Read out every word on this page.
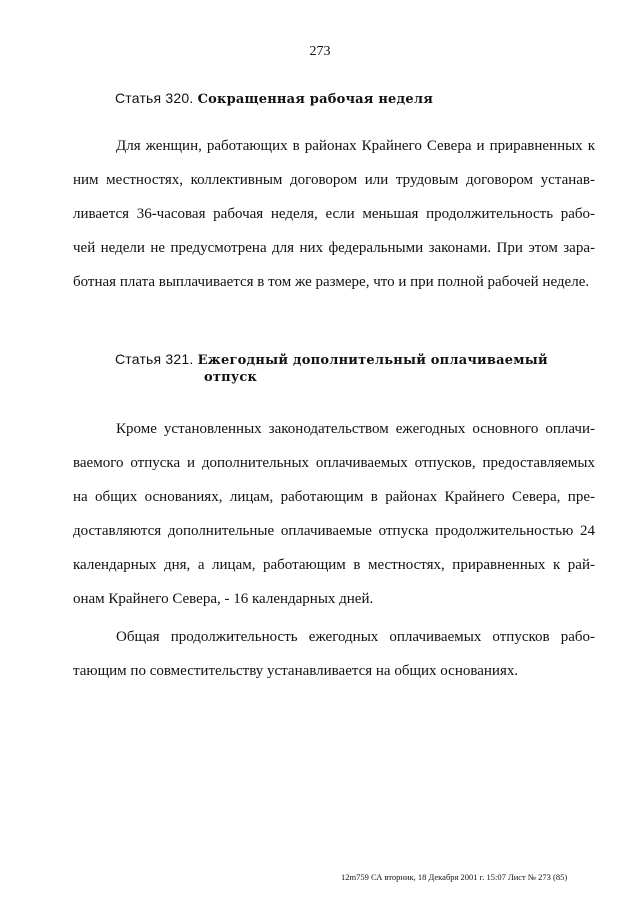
273
Статья 320. Сокращенная рабочая неделя
Для женщин, работающих в районах Крайнего Севера и приравненных к
ним местностях, коллективным договором или трудовым договором устанав-
ливается 36-часовая рабочая неделя, если меньшая продолжительность рабо-
чей недели не предусмотрена для них федеральными законами. При этом зара-
ботная плата выплачивается в том же размере, что и при полной рабочей неделе.
Статья 321. Ежегодный дополнительный оплачиваемый
отпуск
Кроме установленных законодательством ежегодных основного оплачи-
ваемого отпуска и дополнительных оплачиваемых отпусков, предоставляемых
на общих основаниях, лицам, работающим в районах Крайнего Севера, пре-
доставляются дополнительные оплачиваемые отпуска продолжительностью 24
календарных дня, а лицам, работающим в местностях, приравненных к рай-
онам Крайнего Севера, - 16 календарных дней.
Общая продолжительность ежегодных оплачиваемых отпусков рабо-
тающим по совместительству устанавливается на общих основаниях.
12m759 СА вторник, 18 Декабря 2001 г. 15:07 Лист № 273 (85)
